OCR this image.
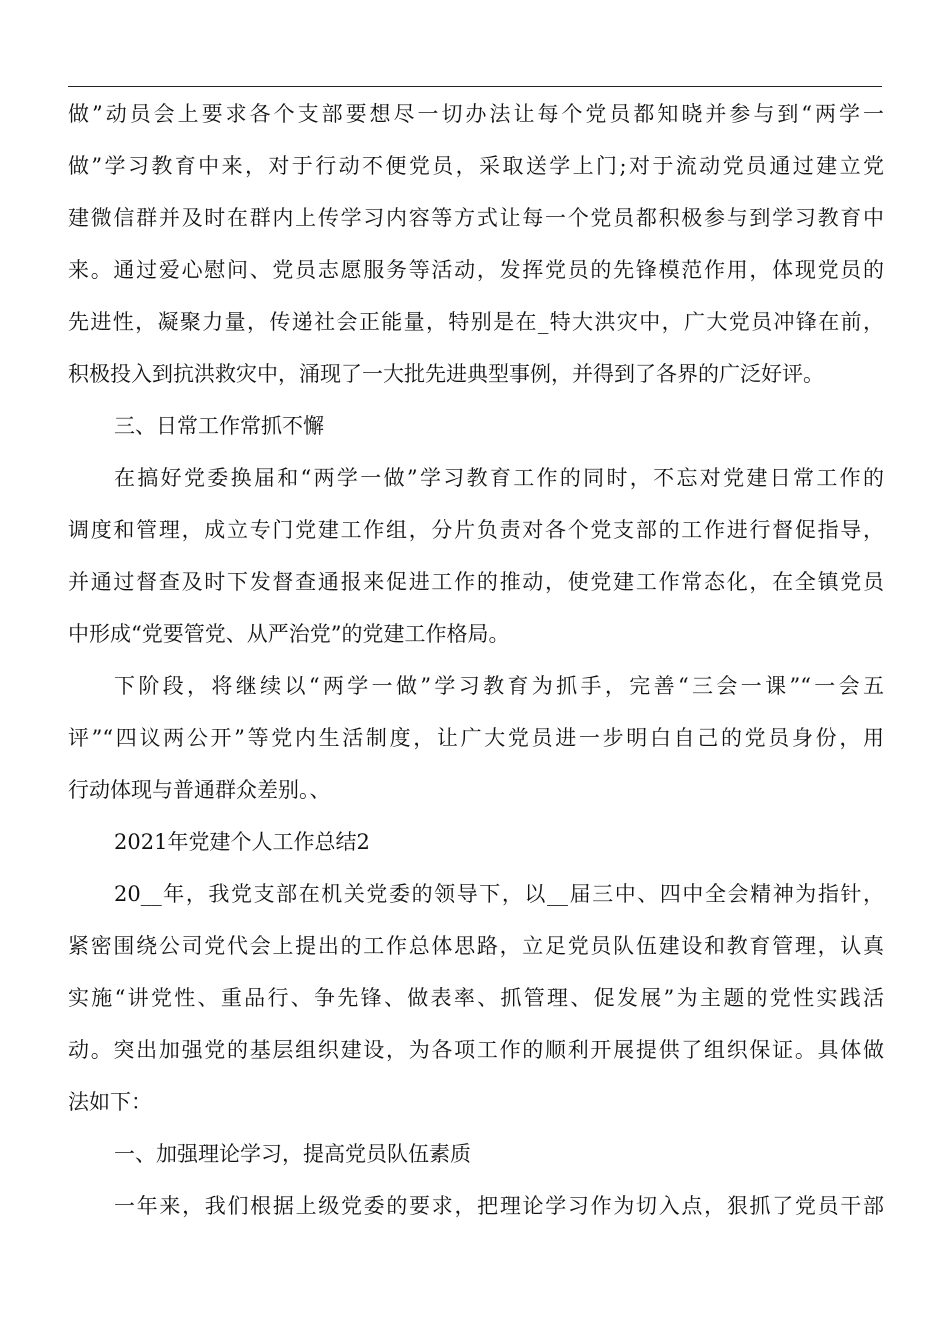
做”动员会上要求各个支部要想尽一切办法让每个党员都知晓并参与到“两学一
做”学习教育中来，对于行动不便党员，采取送学上门;对于流动党员通过建立党
建微信群并及时在群内上传学习内容等方式让每一个党员都积极参与到学习教育中
来。通过爱心慰问、党员志愿服务等活动，发挥党员的先锋模范作用，体现党员的
先进性，凝聚力量，传递社会正能量，特别是在_特大洪灾中，广大党员冲锋在前，
积极投入到抗洪救灾中，涌现了一大批先进典型事例，并得到了各界的广泛好评。
三、日常工作常抓不懈
在搞好党委换届和“两学一做”学习教育工作的同时，不忘对党建日常工作的
调度和管理，成立专门党建工作组，分片负责对各个党支部的工作进行督促指导，
并通过督查及时下发督查通报来促进工作的推动，使党建工作常态化，在全镇党员
中形成“党要管党、从严治党”的党建工作格局。
下阶段，将继续以“两学一做”学习教育为抓手，完善“三会一课”“一会五
评”“四议两公开”等党内生活制度，让广大党员进一步明白自己的党员身份，用
行动体现与普通群众差别。、
2021年党建个人工作总结2
20__年，我党支部在机关党委的领导下，以__届三中、四中全会精神为指针，
紧密围绕公司党代会上提出的工作总体思路，立足党员队伍建设和教育管理，认真
实施“讲党性、重品行、争先锋、做表率、抓管理、促发展”为主题的党性实践活
动。突出加强党的基层组织建设，为各项工作的顺利开展提供了组织保证。具体做
法如下：
一、加强理论学习，提高党员队伍素质
一年来，我们根据上级党委的要求，把理论学习作为切入点，狠抓了党员干部
